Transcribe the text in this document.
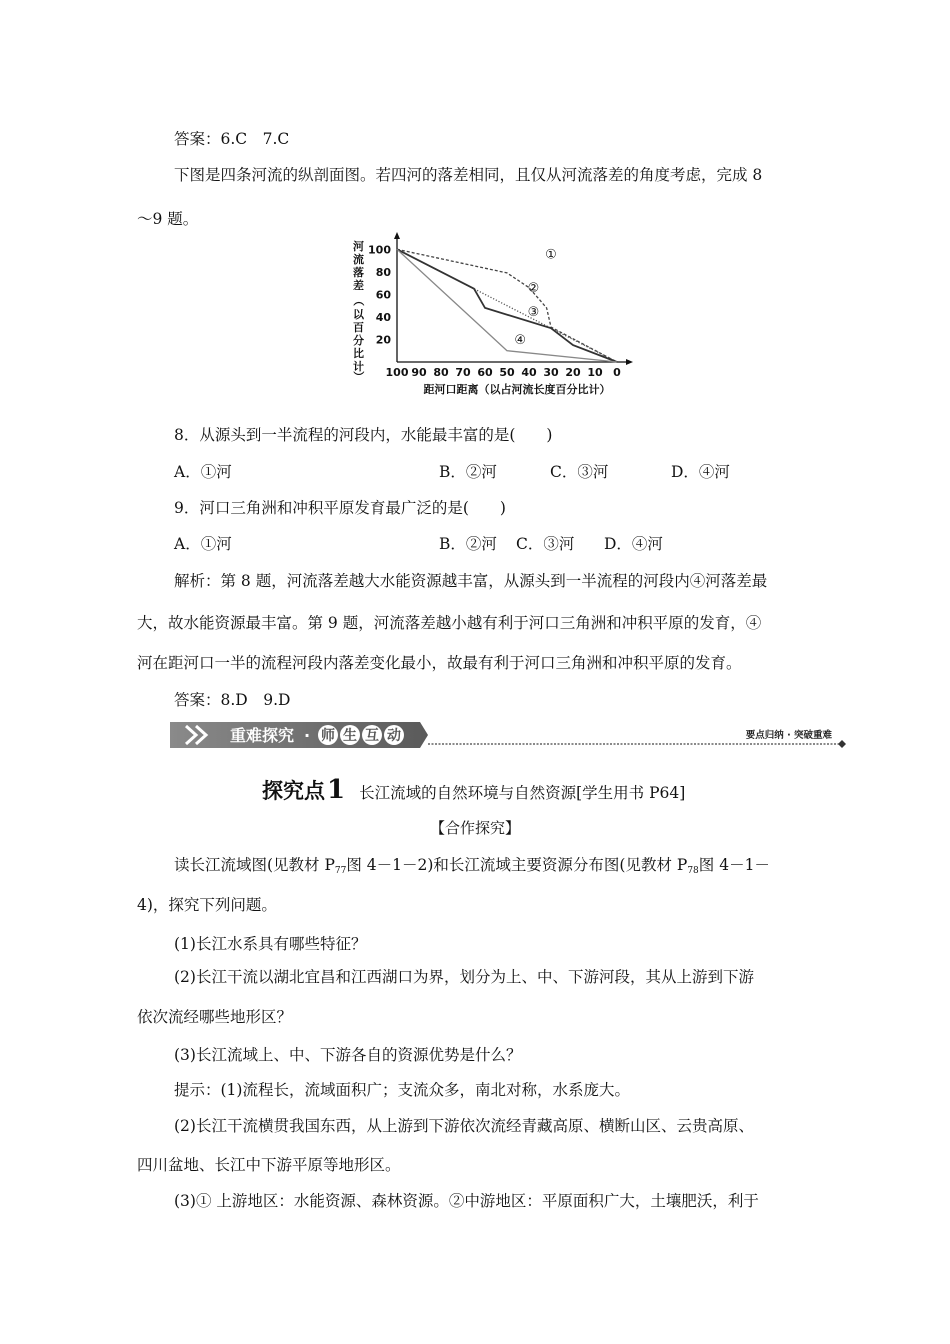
答案：6.C　7.C
下图是四条河流的纵剖面图。若四河的落差相同，且仅从河流落差的角度考虑，完成 8
～9 题。
河
流
落
差
（
以
百
分
比
计
）
100
80
60
40
20
100 90 80 70 60 50 40 30 20 10 0
①
②
③
④
距河口距离（以占河流长度百分比计）
8．从源头到一半流程的河段内，水能最丰富的是(　　)
A．①河	B．②河	C．③河	D．④河
9．河口三角洲和冲积平原发育最广泛的是(　　)
A．①河	B．②河 C．③河 D．④河
解析：第 8 题，河流落差越大水能资源越丰富，从源头到一半流程的河段内④河落差最
大，故水能资源最丰富。第 9 题，河流落差越小越有利于河口三角洲和冲积平原的发育，④
河在距河口一半的流程河段内落差变化最小，故最有利于河口三角洲和冲积平原的发育。
答案：8.D　9.D
重难探究 · 师 生 互 动	要点归纳 · 突破重难
探究点1 长江流域的自然环境与自然资源[学生用书 P64]
【合作探究】
读长江流域图(见教材 $P_{77}$图 4－1－2)和长江流域主要资源分布图(见教材 $P_{78}$图 4－1－
4)，探究下列问题。
(1)长江水系具有哪些特征？
(2)长江干流以湖北宜昌和江西湖口为界，划分为上、中、下游河段，其从上游到下游
依次流经哪些地形区？
(3)长江流域上、中、下游各自的资源优势是什么？
提示：(1)流程长，流域面积广；支流众多，南北对称，水系庞大。
(2)长江干流横贯我国东西，从上游到下游依次流经青藏高原、横断山区、云贵高原、
四川盆地、长江中下游平原等地形区。
(3)① 上游地区：水能资源、森林资源。②中游地区：平原面积广大，土壤肥沃，利于
